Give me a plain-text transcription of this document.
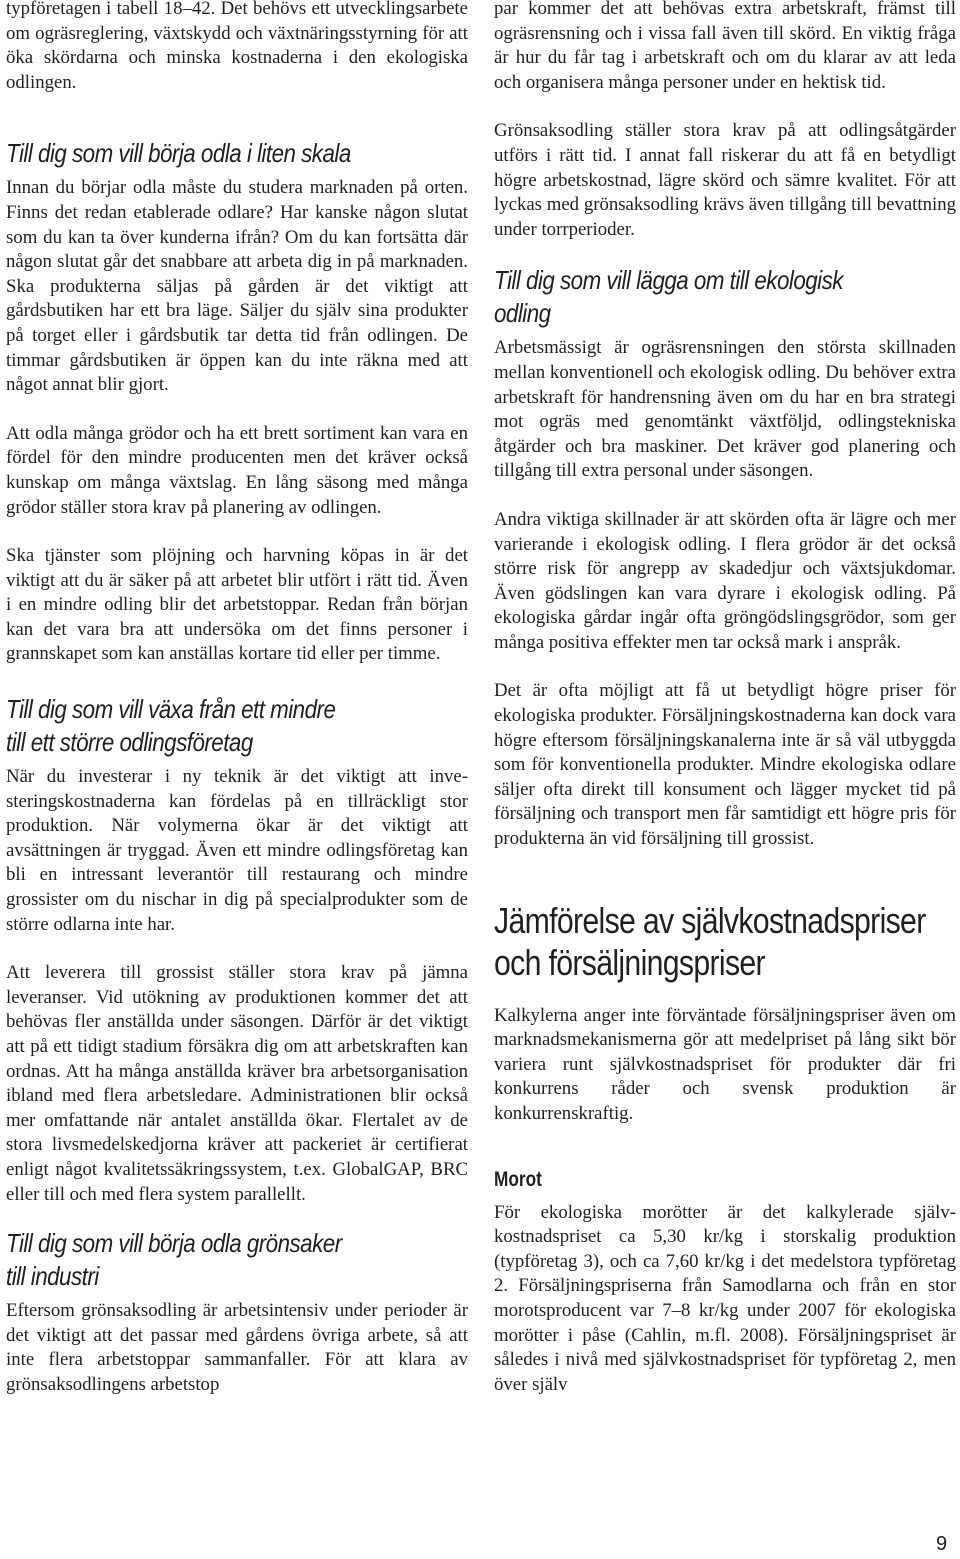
typföretagen i tabell 18–42. Det behövs ett utvecklingsarbete om ogräsreglering, växtskydd och växtnäringsstyrning för att öka skördarna och minska kostnaderna i den ekologiska odlingen.

Till dig som vill börja odla i liten skala

Innan du börjar odla måste du studera marknaden på orten. Finns det redan etablerade odlare? Har kanske någon slutat som du kan ta över kunderna ifrån? Om du kan fortsätta där någon slutat går det snabbare att arbeta dig in på marknaden. Ska produkterna säljas på gården är det viktigt att gårdsbutiken har ett bra läge. Säljer du själv sina produkter på torget eller i gårdsbutik tar detta tid från odlingen. De timmar gårdsbutiken är öppen kan du inte räkna med att något annat blir gjort.

Att odla många grödor och ha ett brett sortiment kan vara en fördel för den mindre producenten men det kräver också kunskap om många växtslag. En lång säsong med många grödor ställer stora krav på planering av odlingen.

Ska tjänster som plöjning och harvning köpas in är det viktigt att du är säker på att arbetet blir utfört i rätt tid. Även i en mindre odling blir det arbetstoppar. Redan från början kan det vara bra att undersöka om det finns personer i grannskapet som kan anställas kortare tid eller per timme.

Till dig som vill växa från ett mindre
till ett större odlingsföretag

När du investerar i ny teknik är det viktigt att investeringskostnaderna kan fördelas på en tillräckligt stor produktion. När volymerna ökar är det viktigt att avsättningen är tryggad. Även ett mindre odlingsföretag kan bli en intressant leverantör till restaurang och mindre grossister om du nischar in dig på specialprodukter som de större odlarna inte har.

Att leverera till grossist ställer stora krav på jämna leveranser. Vid utökning av produktionen kommer det att behövas fler anställda under säsongen. Därför är det viktigt att på ett tidigt stadium försäkra dig om att arbetskraften kan ordnas. Att ha många anställda kräver bra arbetsorganisation ibland med flera arbetsledare. Administrationen blir också mer omfattande när antalet anställda ökar. Flertalet av de stora livsmedelskedjorna kräver att packeriet är certifierat enligt något kvalitetssäkringssystem, t.ex. GlobalGAP, BRC eller till och med flera system parallellt.

Till dig som vill börja odla grönsaker
till industri

Eftersom grönsaksodling är arbetsintensiv under perioder är det viktigt att det passar med gårdens övriga arbete, så att inte flera arbetstoppar sammanfaller. För att klara av grönsaksodlingens arbetstop

par kommer det att behövas extra arbetskraft, främst till ogräsrensning och i vissa fall även till skörd. En viktig fråga är hur du får tag i arbetskraft och om du klarar av att leda och organisera många personer under en hektisk tid.

Grönsaksodling ställer stora krav på att odlingsåtgärder utförs i rätt tid. I annat fall riskerar du att få en betydligt högre arbetskostnad, lägre skörd och sämre kvalitet. För att lyckas med grönsaksodling krävs även tillgång till bevattning under torrperioder.

Till dig som vill lägga om till ekologisk
odling

Arbetsmässigt är ogräsrensningen den största skillnaden mellan konventionell och ekologisk odling. Du behöver extra arbetskraft för handrensning även om du har en bra strategi mot ogräs med genomtänkt växtföljd, odlingstekniska åtgärder och bra maskiner. Det kräver god planering och tillgång till extra personal under säsongen.

Andra viktiga skillnader är att skörden ofta är lägre och mer varierande i ekologisk odling. I flera grödor är det också större risk för angrepp av skadedjur och växtsjukdomar. Även gödslingen kan vara dyrare i ekologisk odling. På ekologiska gårdar ingår ofta gröngödslingsgrödor, som ger många positiva effekter men tar också mark i anspråk.

Det är ofta möjligt att få ut betydligt högre priser för ekologiska produkter. Försäljningskostnaderna kan dock vara högre eftersom försäljningskanalerna inte är så väl utbyggda som för konventionella produkter. Mindre ekologiska odlare säljer ofta direkt till konsument och lägger mycket tid på försäljning och transport men får samtidigt ett högre pris för produkterna än vid försäljning till grossist.

Jämförelse av självkostnadspriser
och försäljningspriser

Kalkylerna anger inte förväntade försäljningspriser även om marknadsmekanismerna gör att medelpriset på lång sikt bör variera runt självkostnadspriset för produkter där fri konkurrens råder och svensk produktion är konkurrenskraftig.

Morot

För ekologiska morötter är det kalkylerade självkostnadspriset ca 5,30 kr/kg i storskalig produktion (typföretag 3), och ca 7,60 kr/kg i det medelstora typföretag 2. Försäljningspriserna från Samodlarna och från en stor morotsproducent var 7–8 kr/kg under 2007 för ekologiska morötter i påse (Cahlin, m.fl. 2008). Försäljningspriset är således i nivå med självkostnadspriset för typföretag 2, men över själv

9
